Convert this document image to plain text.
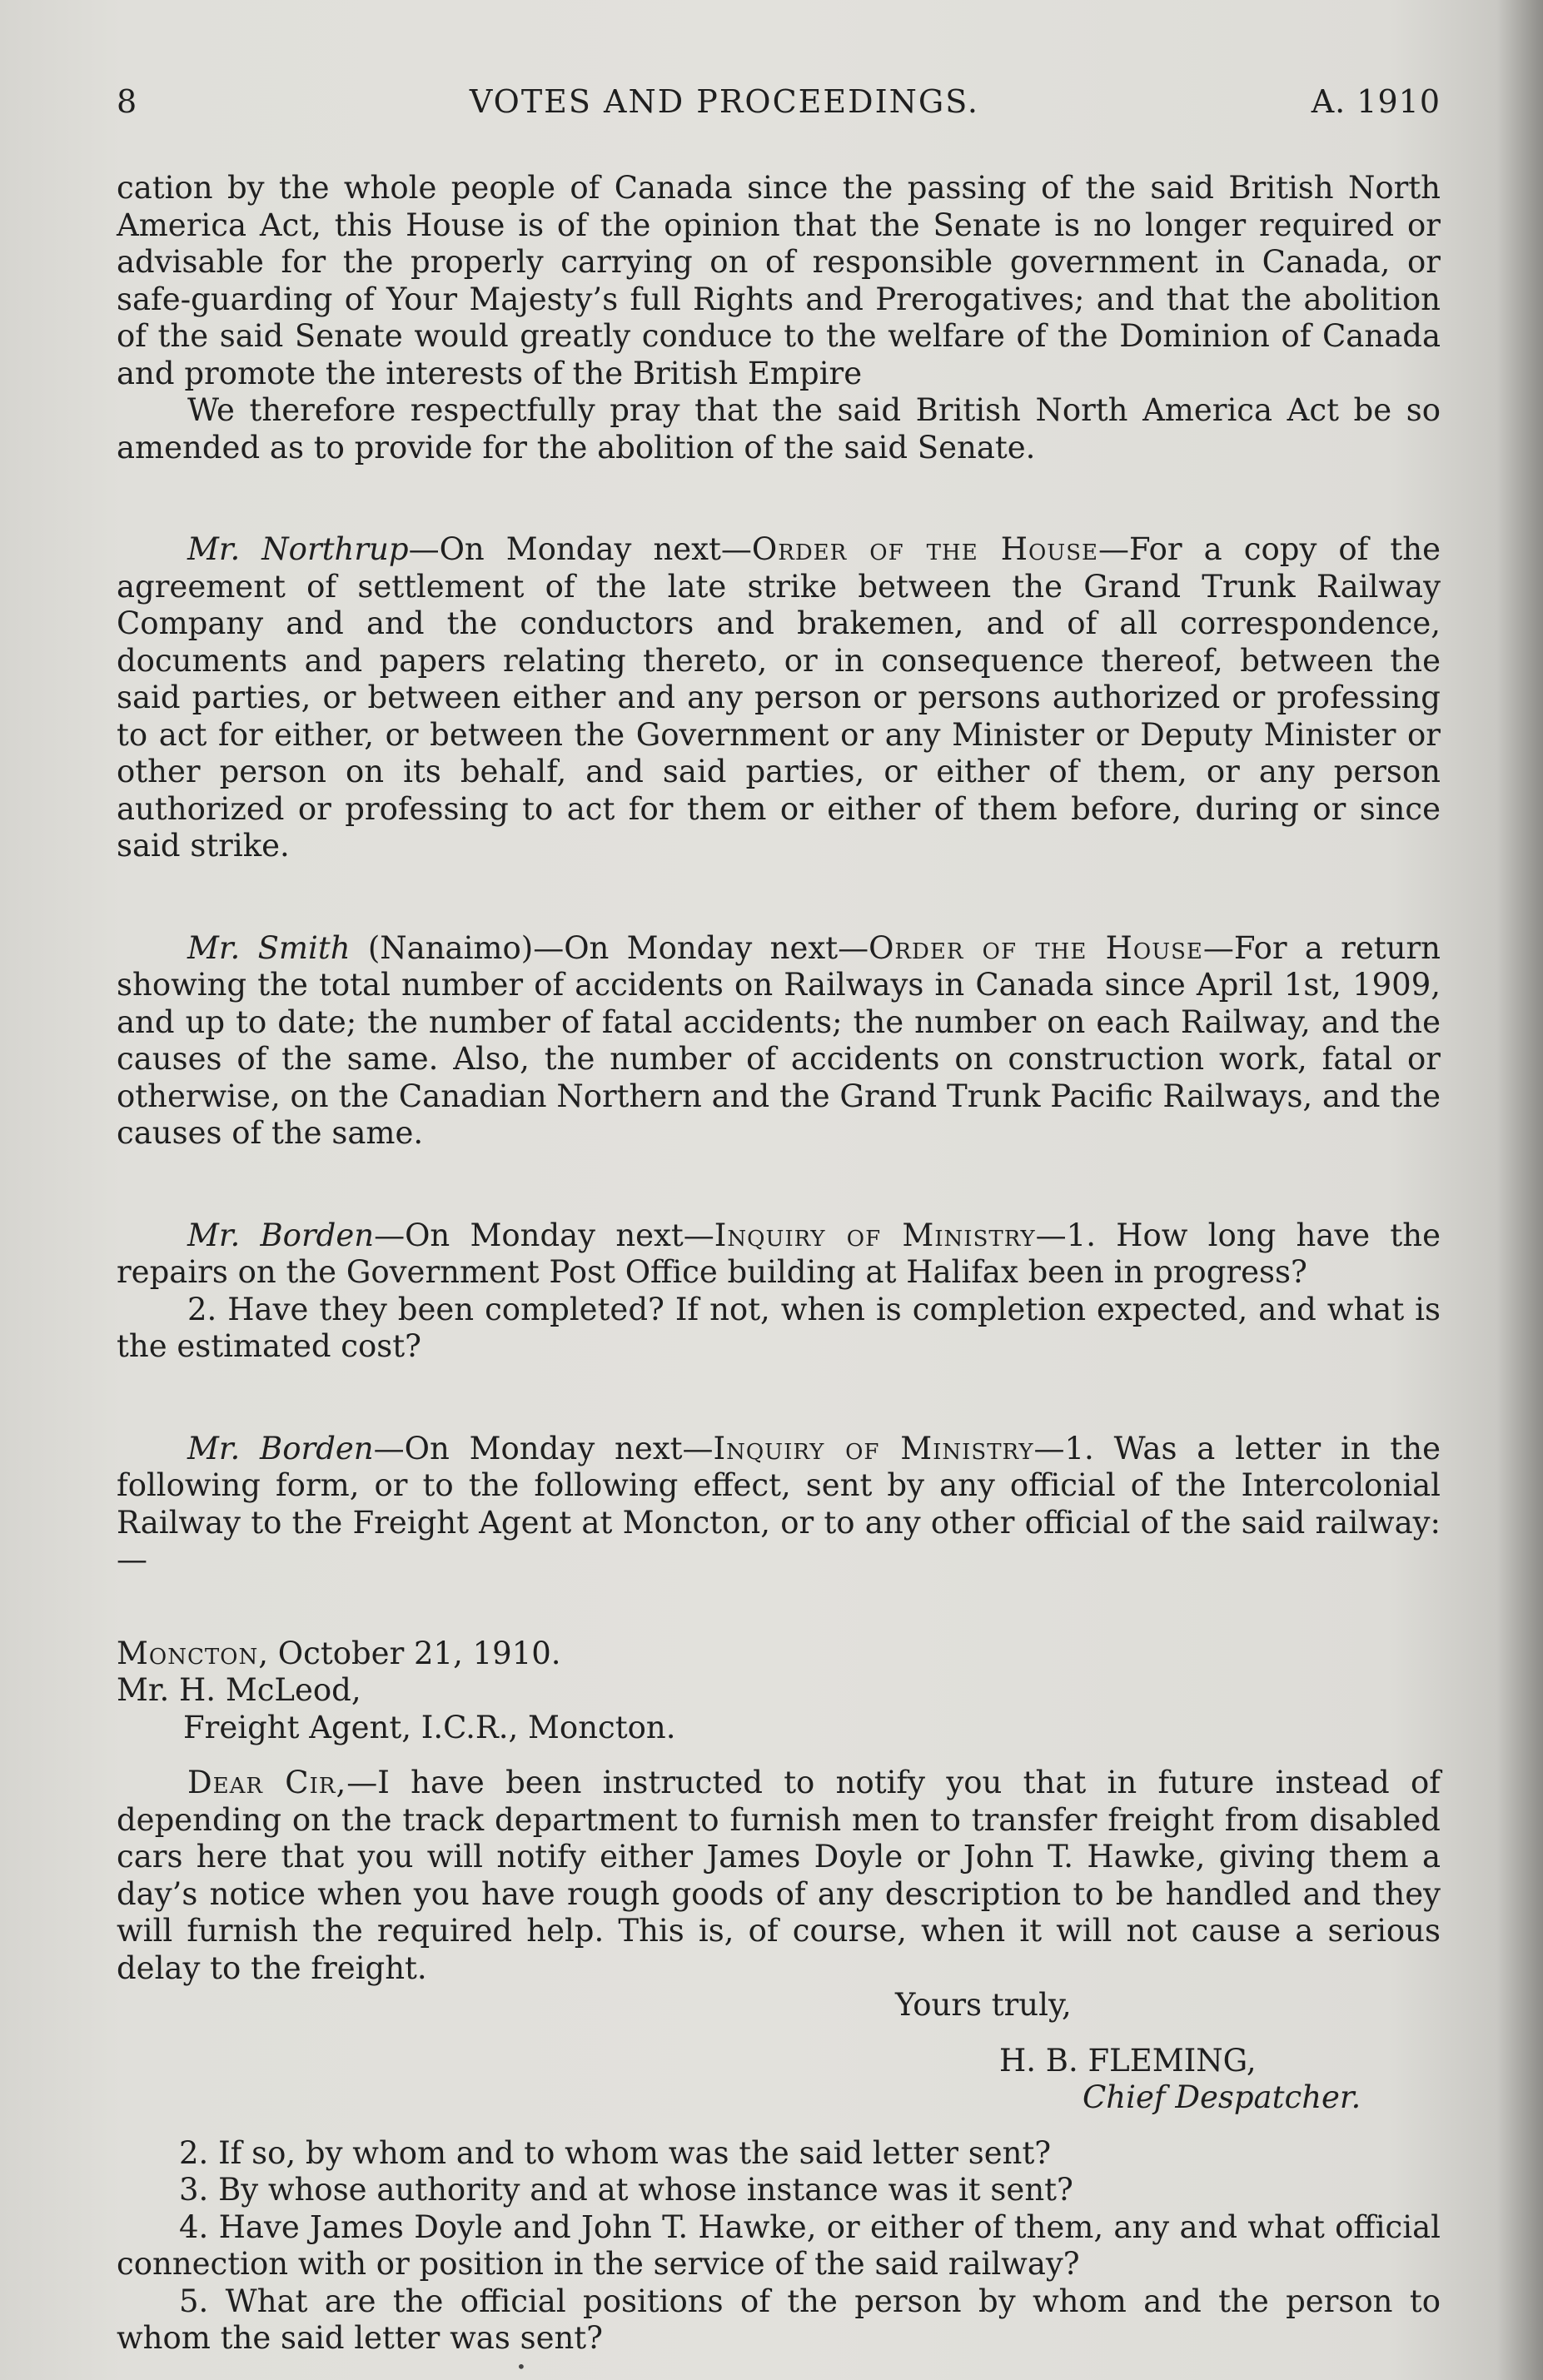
8	VOTES AND PROCEEDINGS.	A. 1910

cation by the whole people of Canada since the passing of the said British North America Act, this House is of the opinion that the Senate is no longer required or advisable for the properly carrying on of responsible government in Canada, or safe-guarding of Your Majesty’s full Rights and Prerogatives; and that the abolition of the said Senate would greatly conduce to the welfare of the Dominion of Canada and promote the interests of the British Empire

We therefore respectfully pray that the said British North America Act be so amended as to provide for the abolition of the said Senate.

Mr. Northrup—On Monday next—Order of the House—For a copy of the agreement of settlement of the late strike between the Grand Trunk Railway Company and and the conductors and brakemen, and of all correspondence, documents and papers relating thereto, or in consequence thereof, between the said parties, or between either and any person or persons authorized or professing to act for either, or between the Government or any Minister or Deputy Minister or other person on its behalf, and said parties, or either of them, or any person authorized or professing to act for them or either of them before, during or since said strike.

Mr. Smith (Nanaimo)—On Monday next—Order of the House—For a return showing the total number of accidents on Railways in Canada since April 1st, 1909, and up to date; the number of fatal accidents; the number on each Railway, and the causes of the same. Also, the number of accidents on construction work, fatal or otherwise, on the Canadian Northern and the Grand Trunk Pacific Railways, and the causes of the same.

Mr. Borden—On Monday next—Inquiry of Ministry—1. How long have the repairs on the Government Post Office building at Halifax been in progress?

2. Have they been completed? If not, when is completion expected, and what is the estimated cost?

Mr. Borden—On Monday next—Inquiry of Ministry—1. Was a letter in the following form, or to the following effect, sent by any official of the Intercolonial Railway to the Freight Agent at Moncton, or to any other official of the said railway:—

Moncton, October 21, 1910.

Mr. H. McLeod,

Freight Agent, I.C.R., Moncton.

Dear Cir,—I have been instructed to notify you that in future instead of depending on the track department to furnish men to transfer freight from disabled cars here that you will notify either James Doyle or John T. Hawke, giving them a day’s notice when you have rough goods of any description to be handled and they will furnish the required help. This is, of course, when it will not cause a serious delay to the freight.

Yours truly,

H. B. FLEMING,

Chief Despatcher.

2. If so, by whom and to whom was the said letter sent?

3. By whose authority and at whose instance was it sent?

4. Have James Doyle and John T. Hawke, or either of them, any and what official connection with or position in the service of the said railway?

5. What are the official positions of the person by whom and the person to whom the said letter was sent?

•
